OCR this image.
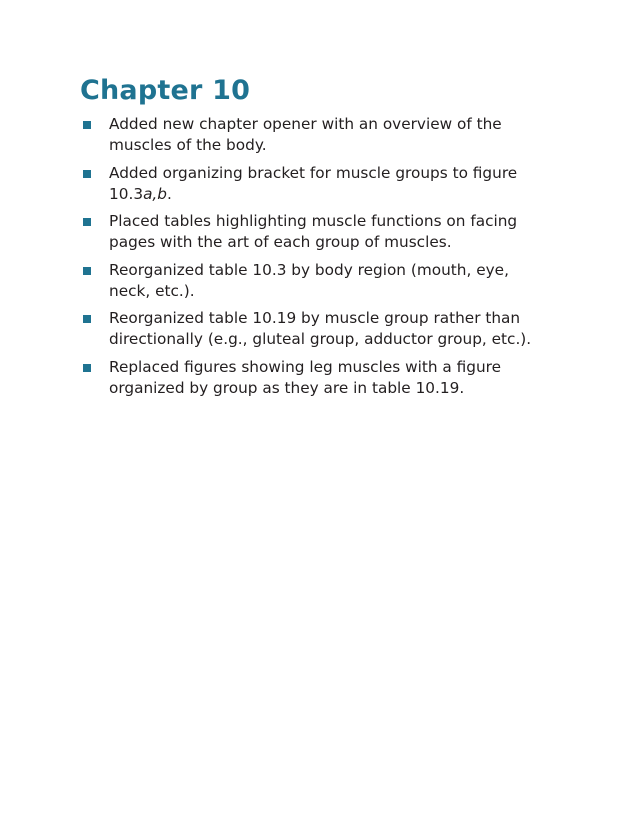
Chapter 10
Added new chapter opener with an overview of the muscles of the body.
Added organizing bracket for muscle groups to figure 10.3a,b.
Placed tables highlighting muscle functions on facing pages with the art of each group of muscles.
Reorganized table 10.3 by body region (mouth, eye, neck, etc.).
Reorganized table 10.19 by muscle group rather than directionally (e.g., gluteal group, adductor group, etc.).
Replaced figures showing leg muscles with a figure organized by group as they are in table 10.19.
